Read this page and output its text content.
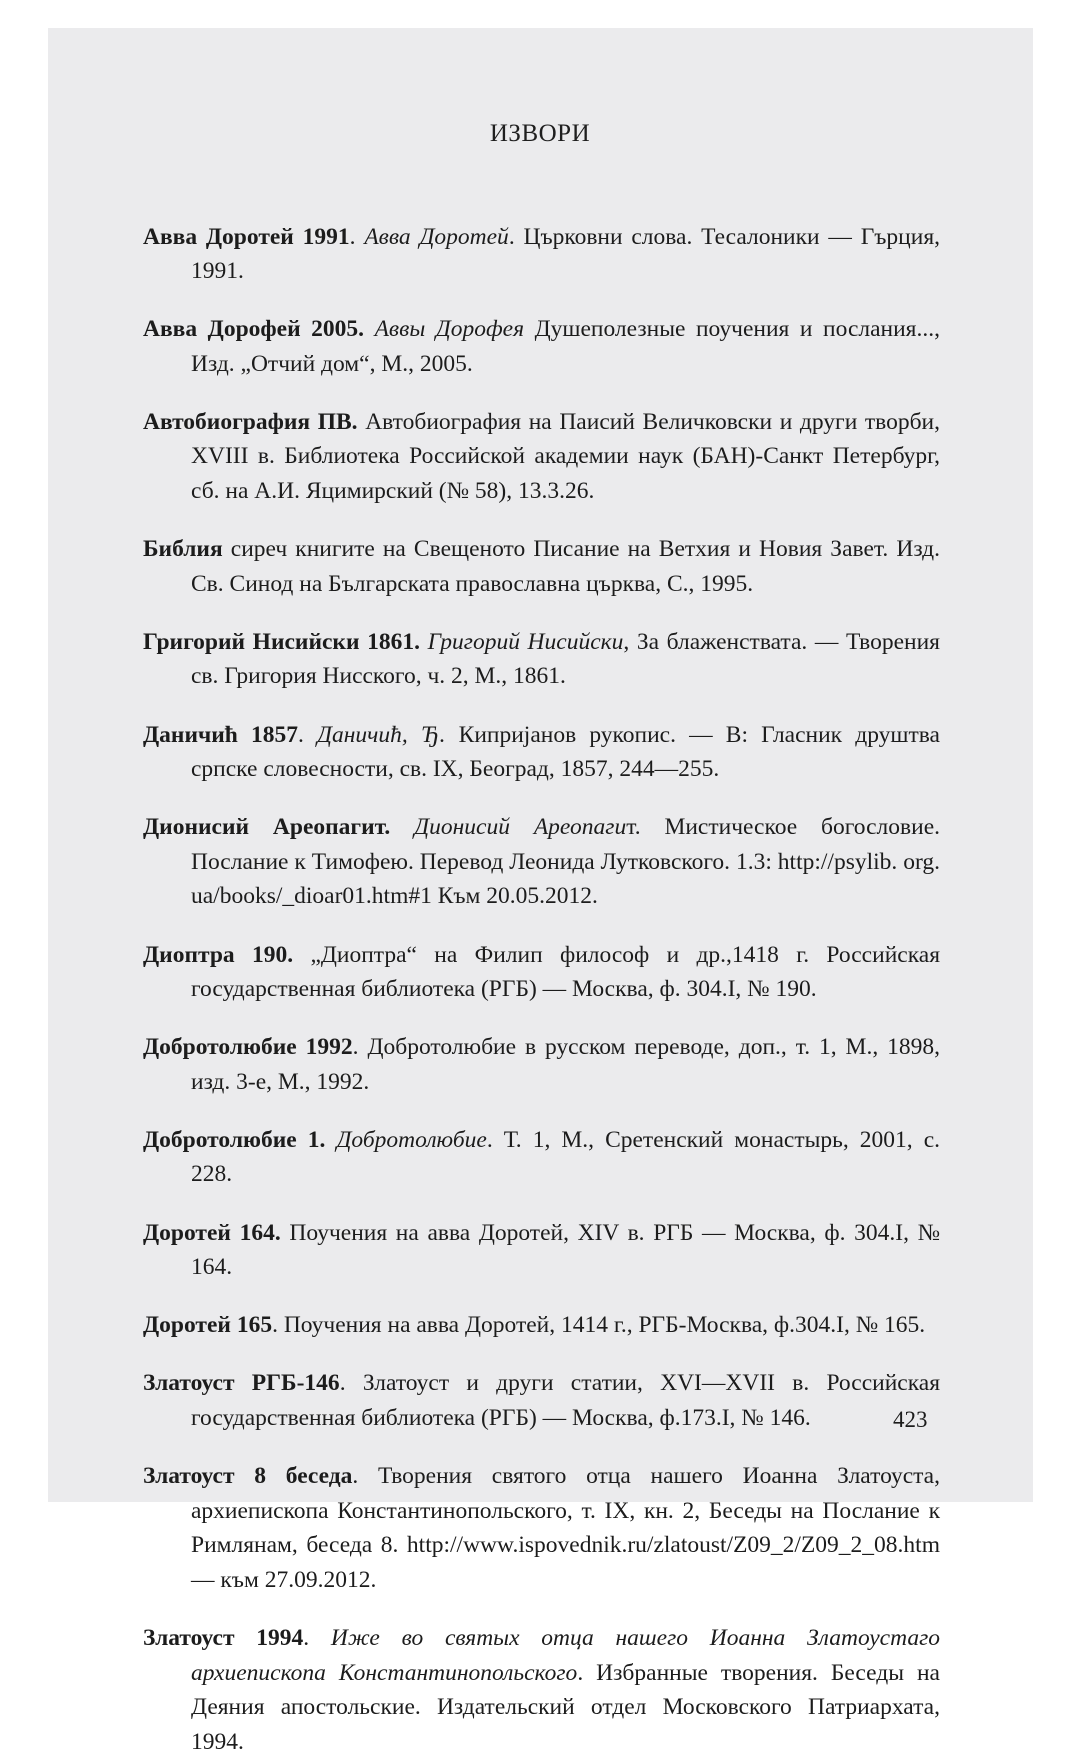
ИЗВОРИ

Авва Доротей 1991. Авва Доротей. Църковни слова. Тесалоники — Гърция, 1991.

Авва Дорофей 2005. Аввы Дорофея Душеполезные поучения и послания..., Изд. „Отчий дом“, М., 2005.

Автобиография ПВ. Автобиография на Паисий Величковски и други творби, XVIII в. Библиотека Российской академии наук (БАН)-Санкт Петербург, сб. на А.И. Яцимирский (№ 58), 13.3.26.

Библия сиреч книгите на Свещеното Писание на Ветхия и Новия Завет. Изд. Св. Синод на Българската православна църква, С., 1995.

Григорий Нисийски 1861. Григорий Нисийски, За блаженствата. — Творения св. Григория Нисского, ч. 2, М., 1861.

Даничић 1857. Даничић, Ђ. Кипријанов рукопис. — В: Гласник друштва српске словесности, св. IX, Београд, 1857, 244—255.

Дионисий Ареопагит. Дионисий Ареопагит. Мистическое богословие. Послание к Тимофею. Перевод Леонида Лутковского. 1.3: http://psylib. org. ua/books/_dioar01.htm#1 Към 20.05.2012.

Диоптра 190. „Диоптра“ на Филип философ и др.,1418 г. Российская государственная библиотека (РГБ) — Москва, ф. 304.I, № 190.

Добротолюбие 1992. Добротолюбие в русском переводе, доп., т. 1, М., 1898, изд. 3-е, М., 1992.

Добротолюбие 1. Добротолюбие. Т. 1, М., Сретенский монастырь, 2001, с. 228.

Доротей 164. Поучения на авва Доротей, XIV в. РГБ — Москва, ф. 304.I, № 164.

Доротей 165. Поучения на авва Доротей, 1414 г., РГБ-Москва, ф.304.I, № 165.

Златоуст РГБ-146. Златоуст и други статии, XVI—XVII в. Российская государственная библиотека (РГБ) — Москва, ф.173.I, № 146.

Златоуст 8 беседа. Творения святого отца нашего Иоанна Златоуста, архиепископа Константинопольского, т. IX, кн. 2, Беседы на Послание к Римлянам, беседа 8. http://www.ispovednik.ru/zlatoust/Z09_2/Z09_2_08.htm — към 27.09.2012.

Златоуст 1994. Иже во святых отца нашего Иоанна Златоустаго архиепископа Константинопольского. Избранные творения. Беседы на Деяния апостольские. Издательский отдел Московского Патриархата, 1994.

423
